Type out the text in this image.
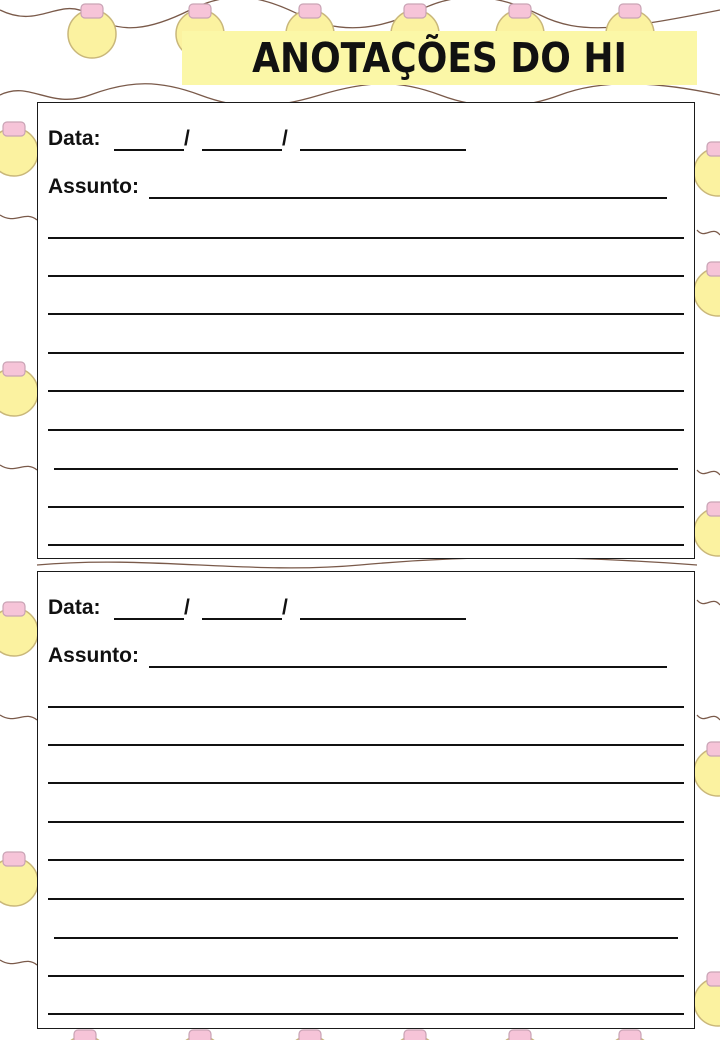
ANOTAÇÕES DO HI
Data:	/	/
Assunto:
Data:	/	/
Assunto:
